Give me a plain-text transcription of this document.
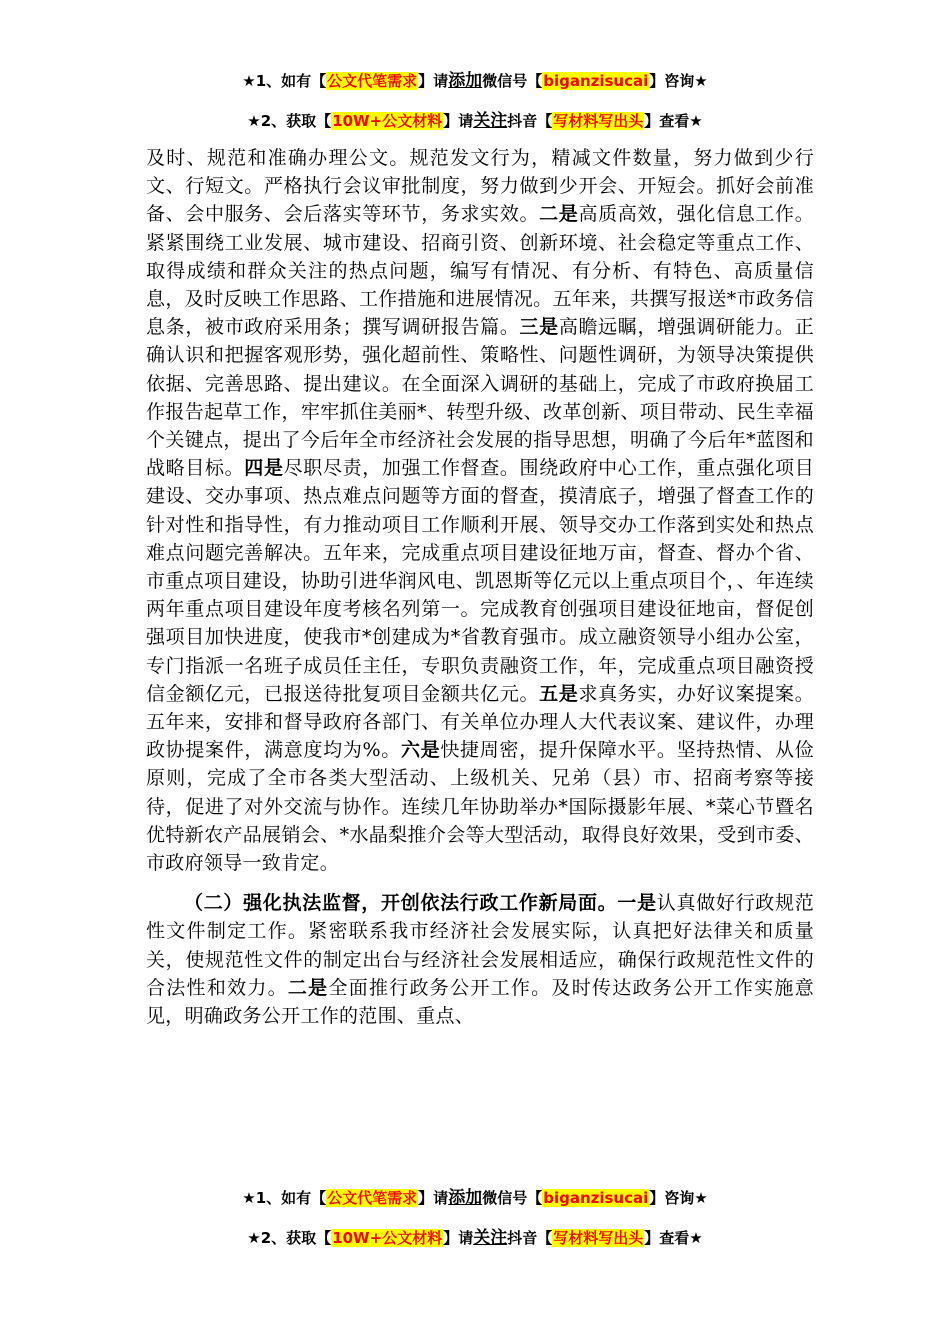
★1、如有【公文代笔需求】请添加微信号【biganzisucai】咨询★
★2、获取【10W+公文材料】请关注抖音【写材料写出头】查看★

及时、规范和准确办理公文。规范发文行为，精减文件数量，努力做到少行文、行短文。严格执行会议审批制度，努力做到少开会、开短会。抓好会前准备、会中服务、会后落实等环节，务求实效。二是高质高效，强化信息工作。紧紧围绕工业发展、城市建设、招商引资、创新环境、社会稳定等重点工作、取得成绩和群众关注的热点问题，编写有情况、有分析、有特色、高质量信息，及时反映工作思路、工作措施和进展情况。五年来，共撰写报送*市政务信息条，被市政府采用条；撰写调研报告篇。三是高瞻远瞩，增强调研能力。正确认识和把握客观形势，强化超前性、策略性、问题性调研，为领导决策提供依据、完善思路、提出建议。在全面深入调研的基础上，完成了市政府换届工作报告起草工作，牢牢抓住美丽*、转型升级、改革创新、项目带动、民生幸福个关键点，提出了今后年全市经济社会发展的指导思想，明确了今后年*蓝图和战略目标。四是尽职尽责，加强工作督查。围绕政府中心工作，重点强化项目建设、交办事项、热点难点问题等方面的督查，摸清底子，增强了督查工作的针对性和指导性，有力推动项目工作顺利开展、领导交办工作落到实处和热点难点问题完善解决。五年来，完成重点项目建设征地万亩，督查、督办个省、市重点项目建设，协助引进华润风电、凯恩斯等亿元以上重点项目个，、年连续两年重点项目建设年度考核名列第一。完成教育创强项目建设征地亩，督促创强项目加快进度，使我市*创建成为*省教育强市。成立融资领导小组办公室，专门指派一名班子成员任主任，专职负责融资工作，年，完成重点项目融资授信金额亿元，已报送待批复项目金额共亿元。五是求真务实，办好议案提案。五年来，安排和督导政府各部门、有关单位办理人大代表议案、建议件，办理政协提案件，满意度均为%。六是快捷周密，提升保障水平。坚持热情、从俭原则，完成了全市各类大型活动、上级机关、兄弟（县）市、招商考察等接待，促进了对外交流与协作。连续几年协助举办*国际摄影年展、*菜心节暨名优特新农产品展销会、*水晶梨推介会等大型活动，取得良好效果，受到市委、市政府领导一致肯定。

（二）强化执法监督，开创依法行政工作新局面。一是认真做好行政规范性文件制定工作。紧密联系我市经济社会发展实际，认真把好法律关和质量关，使规范性文件的制定出台与经济社会发展相适应，确保行政规范性文件的合法性和效力。二是全面推行政务公开工作。及时传达政务公开工作实施意见，明确政务公开工作的范围、重点、

★1、如有【公文代笔需求】请添加微信号【biganzisucai】咨询★
★2、获取【10W+公文材料】请关注抖音【写材料写出头】查看★
